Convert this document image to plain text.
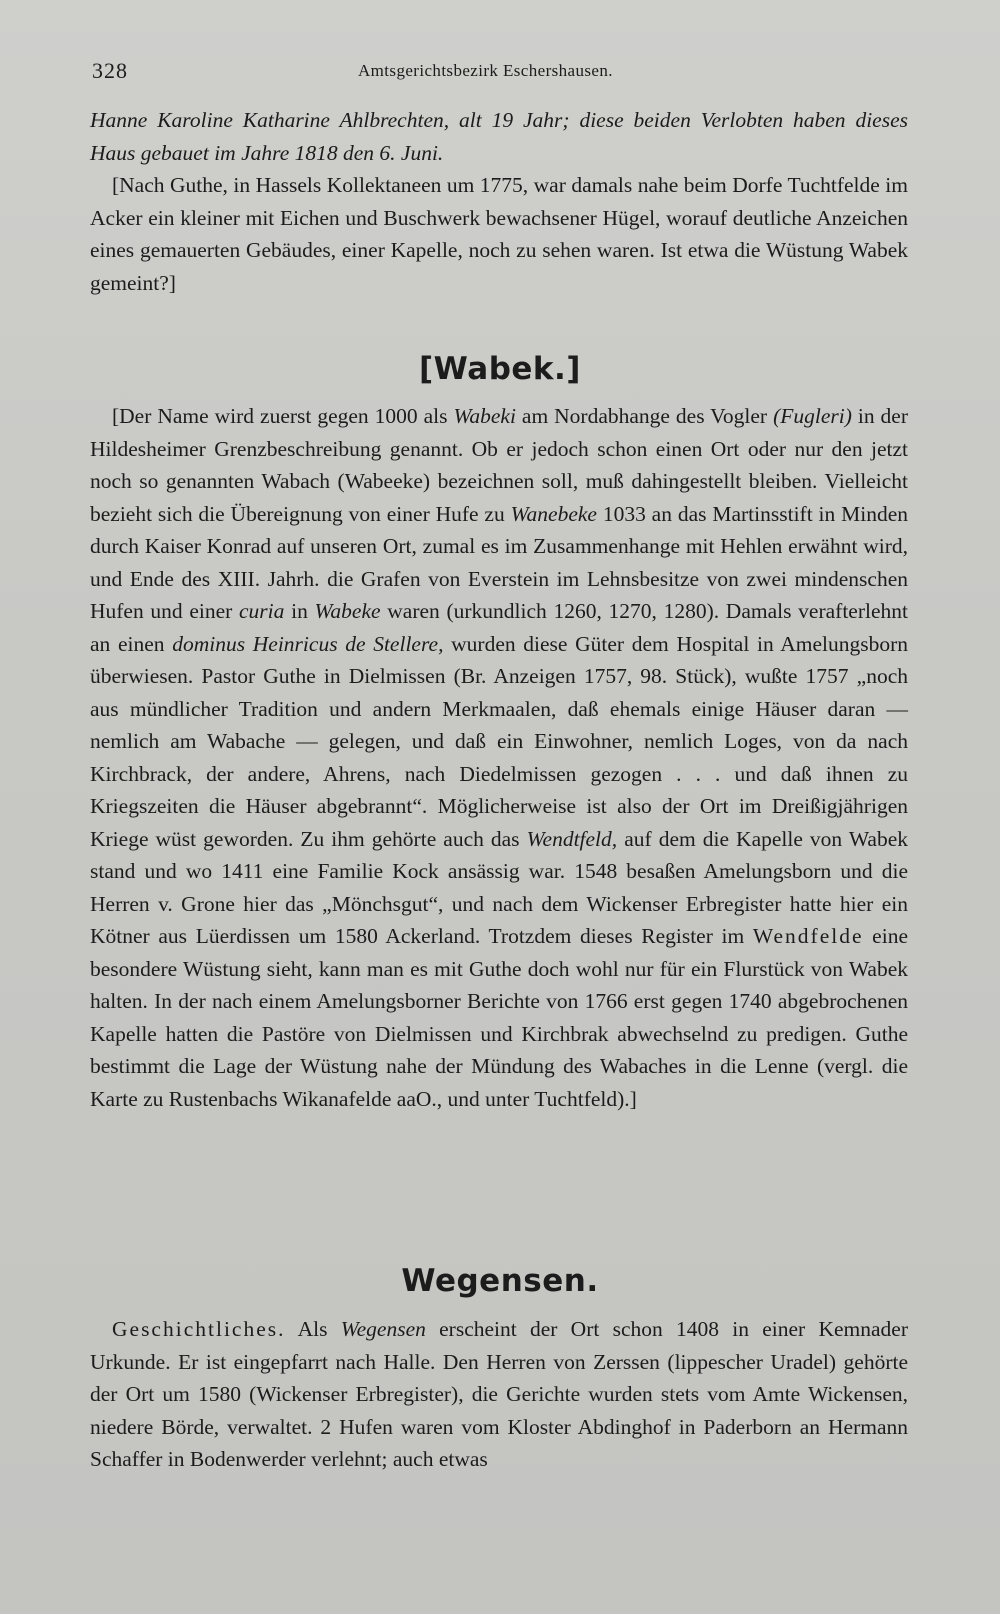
328	Amtsgerichtsbezirk Eschershausen.

Hanne Karoline Katharine Ahlbrechten, alt 19 Jahr; diese beiden Verlobten haben dieses Haus gebauet im Jahre 1818 den 6. Juni.

[Nach Guthe, in Hassels Kollektaneen um 1775, war damals nahe beim Dorfe Tuchtfelde im Acker ein kleiner mit Eichen und Buschwerk bewachsener Hügel, worauf deutliche Anzeichen eines gemauerten Gebäudes, einer Kapelle, noch zu sehen waren. Ist etwa die Wüstung Wabek gemeint?]

[Wabek.]

[Der Name wird zuerst gegen 1000 als Wabeki am Nordabhange des Vogler (Fugleri) in der Hildesheimer Grenzbeschreibung genannt. Ob er jedoch schon einen Ort oder nur den jetzt noch so genannten Wabach (Wabeeke) bezeichnen soll, muß dahingestellt bleiben. Vielleicht bezieht sich die Übereignung von einer Hufe zu Wanebeke 1033 an das Martinsstift in Minden durch Kaiser Konrad auf unseren Ort, zumal es im Zusammenhange mit Hehlen erwähnt wird, und Ende des XIII. Jahrh. die Grafen von Everstein im Lehnsbesitze von zwei mindenschen Hufen und einer curia in Wabeke waren (urkundlich 1260, 1270, 1280). Damals verafterlehnt an einen dominus Heinricus de Stellere, wurden diese Güter dem Hospital in Amelungsborn überwiesen. Pastor Guthe in Dielmissen (Br. Anzeigen 1757, 98. Stück), wußte 1757 „noch aus mündlicher Tradition und andern Merkmaalen, daß ehemals einige Häuser daran — nemlich am Wabache — gelegen, und daß ein Einwohner, nemlich Loges, von da nach Kirchbrack, der andere, Ahrens, nach Diedelmissen gezogen . . . und daß ihnen zu Kriegszeiten die Häuser abgebrannt“. Möglicherweise ist also der Ort im Dreißigjährigen Kriege wüst geworden. Zu ihm gehörte auch das Wendtfeld, auf dem die Kapelle von Wabek stand und wo 1411 eine Familie Kock ansässig war. 1548 besaßen Amelungsborn und die Herren v. Grone hier das „Mönchsgut“, und nach dem Wickenser Erbregister hatte hier ein Kötner aus Lüerdissen um 1580 Ackerland. Trotzdem dieses Register im Wendfelde eine besondere Wüstung sieht, kann man es mit Guthe doch wohl nur für ein Flurstück von Wabek halten. In der nach einem Amelungsborner Berichte von 1766 erst gegen 1740 abgebrochenen Kapelle hatten die Pastöre von Dielmissen und Kirchbrak abwechselnd zu predigen. Guthe bestimmt die Lage der Wüstung nahe der Mündung des Wabaches in die Lenne (vergl. die Karte zu Rustenbachs Wikanafelde aaO., und unter Tuchtfeld).]

Wegensen.

Geschichtliches. Als Wegensen erscheint der Ort schon 1408 in einer Kemnader Urkunde. Er ist eingepfarrt nach Halle. Den Herren von Zerssen (lippescher Uradel) gehörte der Ort um 1580 (Wickenser Erbregister), die Gerichte wurden stets vom Amte Wickensen, niedere Börde, verwaltet. 2 Hufen waren vom Kloster Abdinghof in Paderborn an Hermann Schaffer in Bodenwerder verlehnt; auch etwas
